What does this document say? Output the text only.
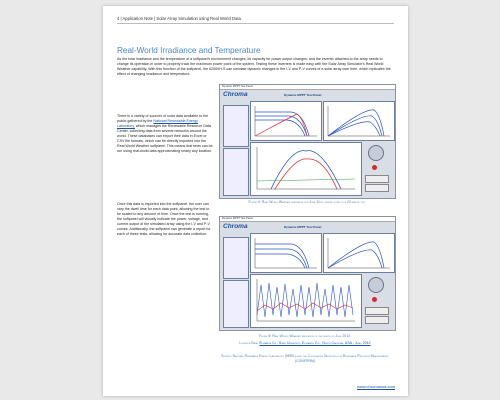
4 | Application Note | Solar Array Simulation using Real World Data
Real-World Irradiance and Temperature

As the total irradiance and the temperature of a softpanel's environment changes, its capacity for power output changes, and the inverter attached to the array needs to change its operation in order to properly track the maximum power point of the system. Testing these inverters is made easy with the Solar Array Simulator's Real World Weather capability. With this function of the softpanel, the 62000H-S can simulate dynamic changes in the I-V and P-V curves of a solar array over time, which replicates the effect of changing irradiance and temperature.

There is a variety of sources of solar data available to the public gathered by the National Renewable Energy Laboratory, which manages the Renewable Resource Data Center, collecting data from several networks around the world. These databases can export their data in Excel or CSV file formats, which can be directly imported into the Real World Weather softpanel. This means that tests can be run using real-world data approximating nearly any location.

Once this data is imported into the softpanel, the user can vary the dwell time for each data point, allowing the test to be scaled to any amount of time. Once the test is running, the softpanel will visually indicate the power, voltage, and current output of the simulated array using the I-V and P-V curves. Additionally, the softpanel can generate a report for each of these tests, allowing for accurate data collection.

Dynamic MPPT Test Panel
Chroma	Dynamic MPPT Test Panel
Figure 4: Real World Weather simulation for June 11th, scaled down to a 24 minute test
Dynamic MPPT Test Panel
Chroma	Dynamic MPPT Test Panel
Figure 5: Real World Weather simulation of the month of June 2012.
Location Data: Elizabeth City State University, Elizabeth City, North Carolina, USA - June, 2012
Source: National Renewable Energy Laboratory (NREL) and the Cooperative Networks for Renewable Resource Measurements (CONFRRM)
www.chromausa.com
